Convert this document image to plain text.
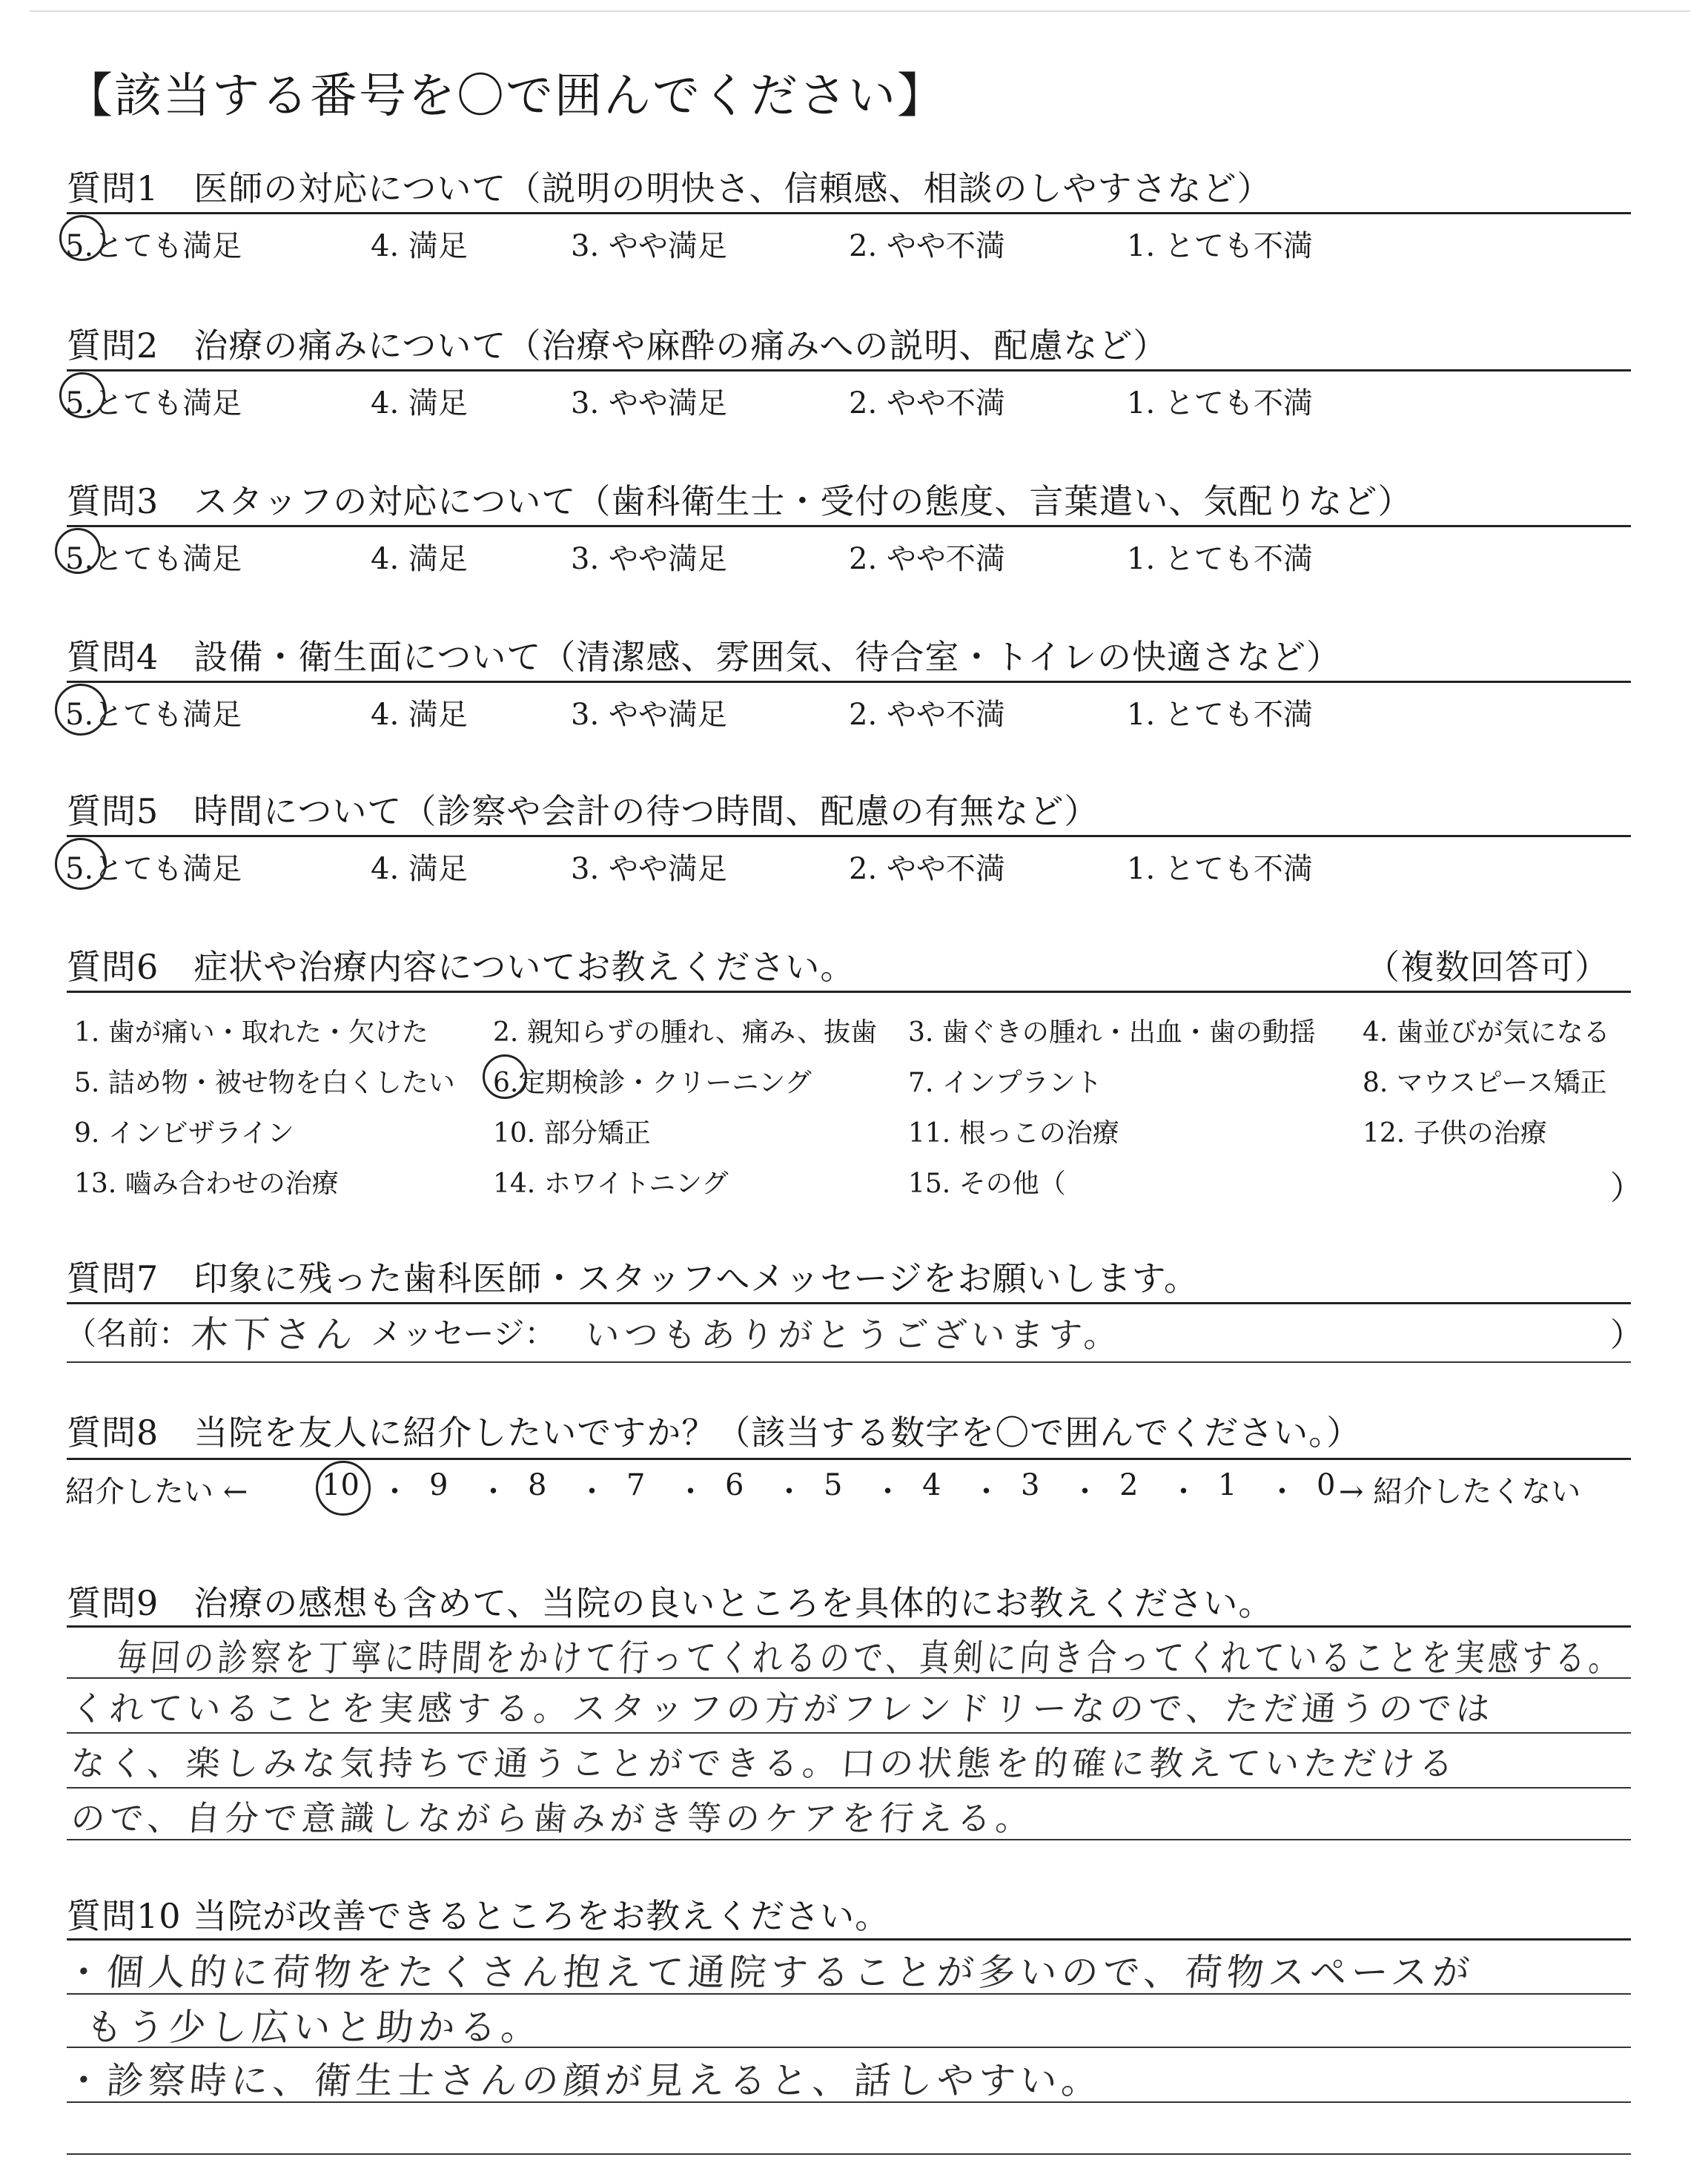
【該当する番号を〇で囲んでください】
質問6　症状や治療内容についてお教えください。	（複数回答可）
質問7　印象に残った歯科医師・スタッフへメッセージをお願いします。
（名前： 木下さん メッセージ： いつもありがとうございます。	）
質問8　当院を友人に紹介したいですか？（該当する数字を〇で囲んでください。）
紹介したい ←	→ 紹介したくない
質問9　治療の感想も含めて、当院の良いところを具体的にお教えください。
質問10 当院が改善できるところをお教えください。
質問1　医師の対応について（説明の明快さ、信頼感、相談のしやすさなど）
5.とても満足	4. 満足	3. やや満足	2. やや不満	1. とても不満
質問2　治療の痛みについて（治療や麻酔の痛みへの説明、配慮など）
5.とても満足	4. 満足	3. やや満足	2. やや不満	1. とても不満
質問3　スタッフの対応について（歯科衛生士・受付の態度、言葉遣い、気配りなど）
5.とても満足	4. 満足	3. やや満足	2. やや不満	1. とても不満
質問4　設備・衛生面について（清潔感、雰囲気、待合室・トイレの快適さなど）
5.とても満足	4. 満足	3. やや満足	2. やや不満	1. とても不満
質問5　時間について（診察や会計の待つ時間、配慮の有無など）
5.とても満足	4. 満足	3. やや満足	2. やや不満	1. とても不満
1. 歯が痛い・取れた・欠けた 2. 親知らずの腫れ、痛み、抜歯 3. 歯ぐきの腫れ・出血・歯の動揺 4. 歯並びが気になる
5. 詰め物・被せ物を白くしたい 6.定期検診・クリーニング	7. インプラント	8. マウスピース矯正
9. インビザライン	10. 部分矯正	11. 根っこの治療	12. 子供の治療
13. 嚙み合わせの治療	14. ホワイトニング	15. その他（	）
10 ・ 9 ・ 8 ・ 7 ・ 6 ・ 5 ・ 4 ・ 3 ・ 2 ・ 1 ・ 0
毎回の診察を丁寧に時間をかけて行ってくれるので、真剣に向き合ってくれていることを実感する。
なく、楽しみな気持ちで通うことができる。口の状態を的確に教えていただける
ので、自分で意識しながら歯みがき等のケアを行える。
くれていることを実感する。スタッフの方がフレンドリーなので、ただ通うのでは
・個人的に荷物をたくさん抱えて通院することが多いので、荷物スペースが
もう少し広いと助かる。
・診察時に、衛生士さんの顔が見えると、話しやすい。
